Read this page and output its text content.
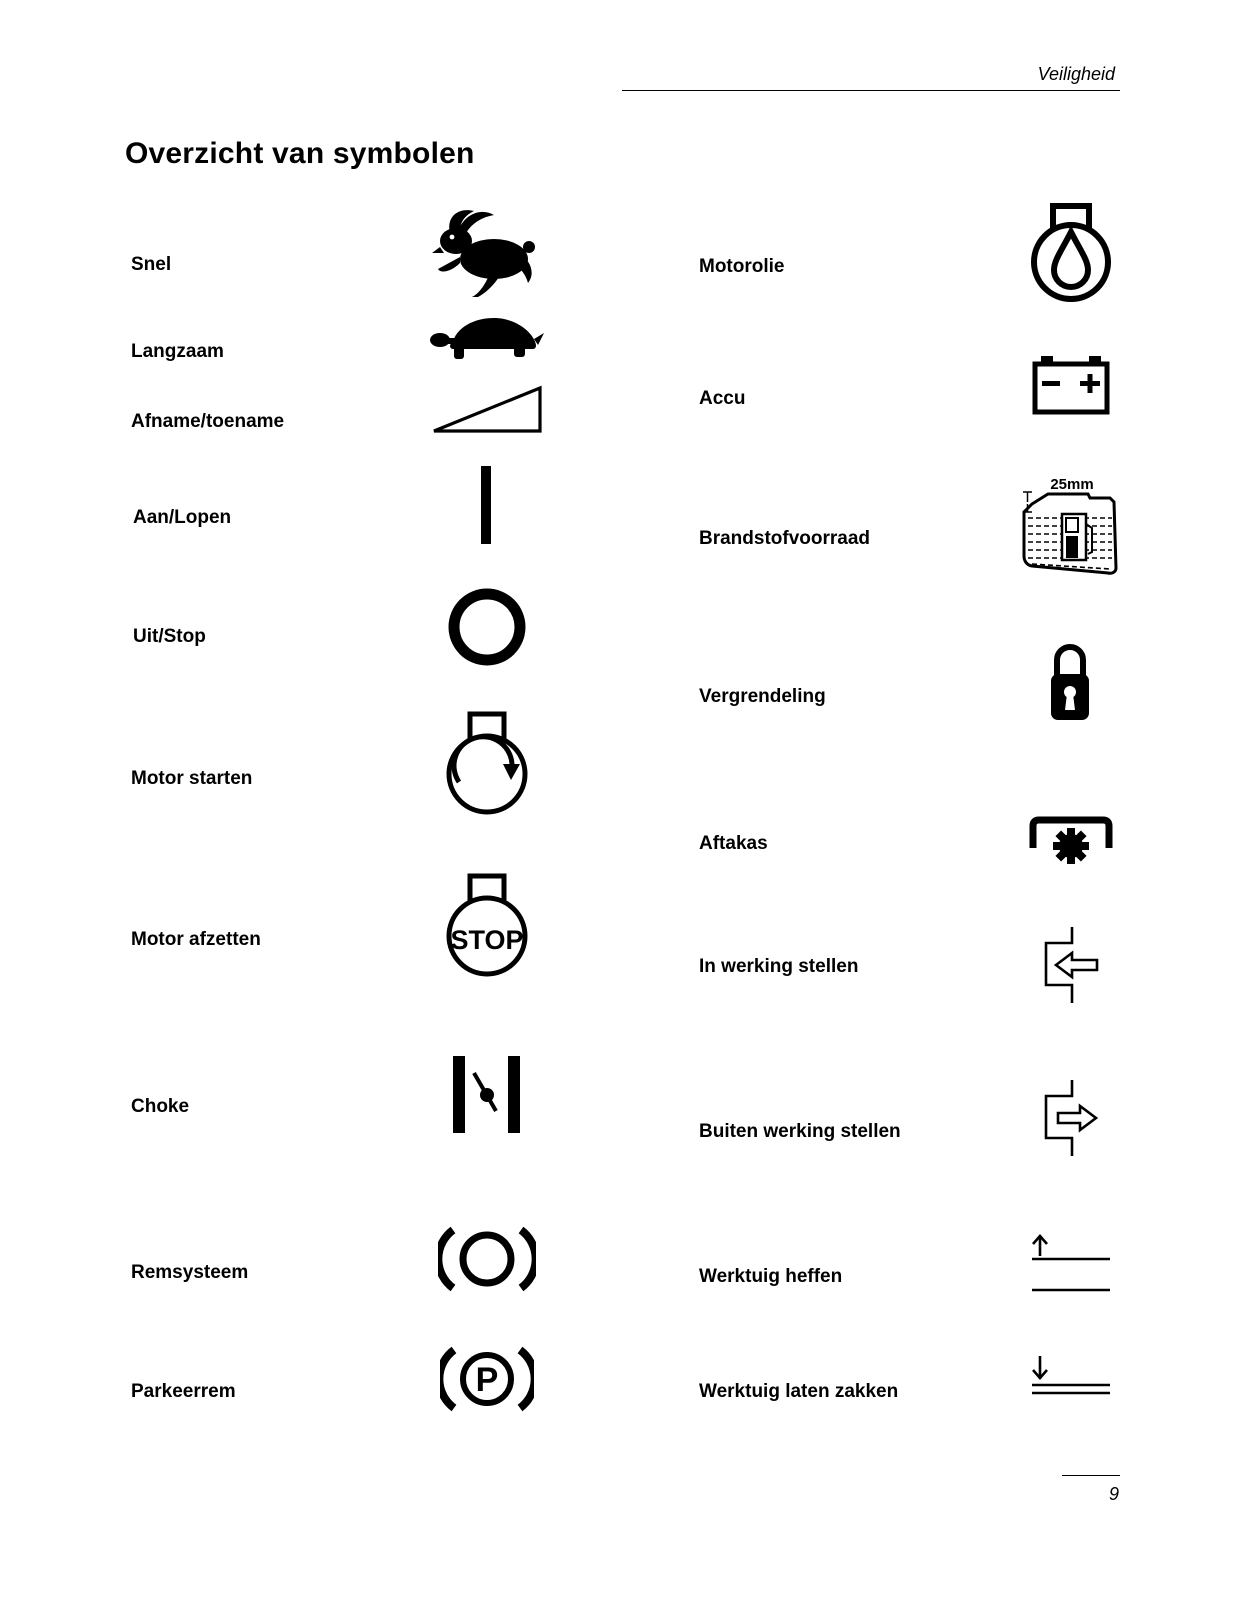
Veiligheid
Overzicht van symbolen
Snel
Langzaam
Afname/toename
Aan/Lopen
Uit/Stop
Motor starten
Motor afzetten
Choke
Remsysteem
Parkeerrem
Motorolie
Accu
Brandstofvoorraad
Vergrendeling
Aftakas
In werking stellen
Buiten werking stellen
Werktuig heffen
Werktuig laten zakken
STOP
P
25mm
9
